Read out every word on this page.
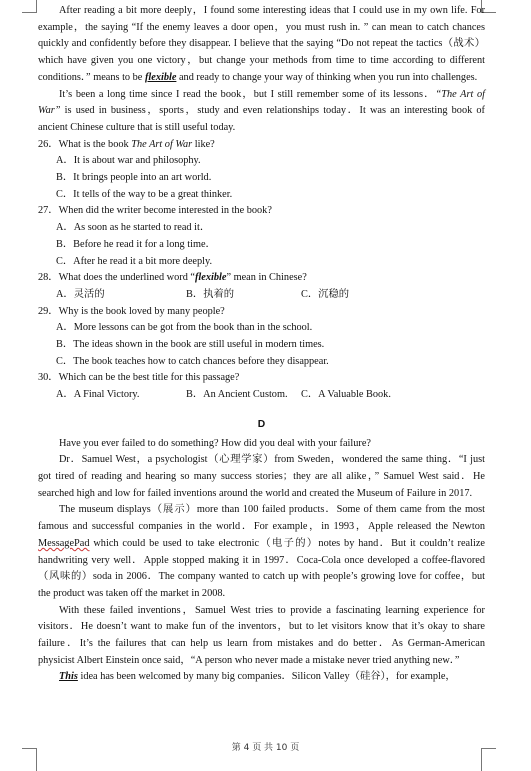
After reading a bit more deeply，I found some interesting ideas that I could use in my own life. For example，the saying “If the enemy leaves a door open，you must rush in. ” can mean to catch chances quickly and confidently before they disappear. I believe that the saying “Do not repeat the tactics（战术）which have given you one victory，but change your methods from time to time according to different conditions．” means to be flexible and ready to change your way of thinking when you run into challenges.

It’s been a long time since I read the book，but I still remember some of its lessons．“The Art of War” is used in business，sports，study and even relationships today．It was an interesting book of ancient Chinese culture that is still useful today.

26．What is the book The Art of War like?
A．It is about war and philosophy.
B．It brings people into an art world.
C．It tells of the way to be a great thinker.
27．When did the writer become interested in the book?
A．As soon as he started to read it．
B．Before he read it for a long time．
C．After he read it a bit more deeply.
28．What does the underlined word “flexible” mean in Chinese?
A．灵活的	B．执着的	C．沉稳的
29．Why is the book loved by many people?
A．More lessons can be got from the book than in the school.
B．The ideas shown in the book are still useful in modern times.
C．The book teaches how to catch chances before they disappear.
30．Which can be the best title for this passage?
A．A Final Victory.	B．An Ancient Custom.	C．A Valuable Book.
D

Have you ever failed to do something? How did you deal with your failure?

Dr．Samuel West，a psychologist（心理学家）from Sweden，wondered the same thing．“I just got tired of reading and hearing so many success stories；they are all alike，” Samuel West said．He searched high and low for failed inventions around the world and created the Museum of Failure in 2017.

The museum displays（展示）more than 100 failed products．Some of them came from the most famous and successful companies in the world．For example，in 1993，Apple released the Newton MessagePad which could be used to take electronic（电子的）notes by hand．But it couldn’t realize handwriting very well．Apple stopped making it in 1997．Coca-Cola once developed a coffee-flavored（风味的）soda in 2006．The company wanted to catch up with people’s growing love for coffee，but the product was taken off the market in 2008.

With these failed inventions，Samuel West tries to provide a fascinating learning experience for visitors．He doesn’t want to make fun of the inventors，but to let visitors know that it’s okay to share failure．It’s the failures that can help us learn from mistakes and do better．As German-American physicist Albert Einstein once said，“A person who never made a mistake never tried anything new．”

This idea has been welcomed by many big companies．Silicon Valley（硅谷），for example，

第 4 页 共 10 页
